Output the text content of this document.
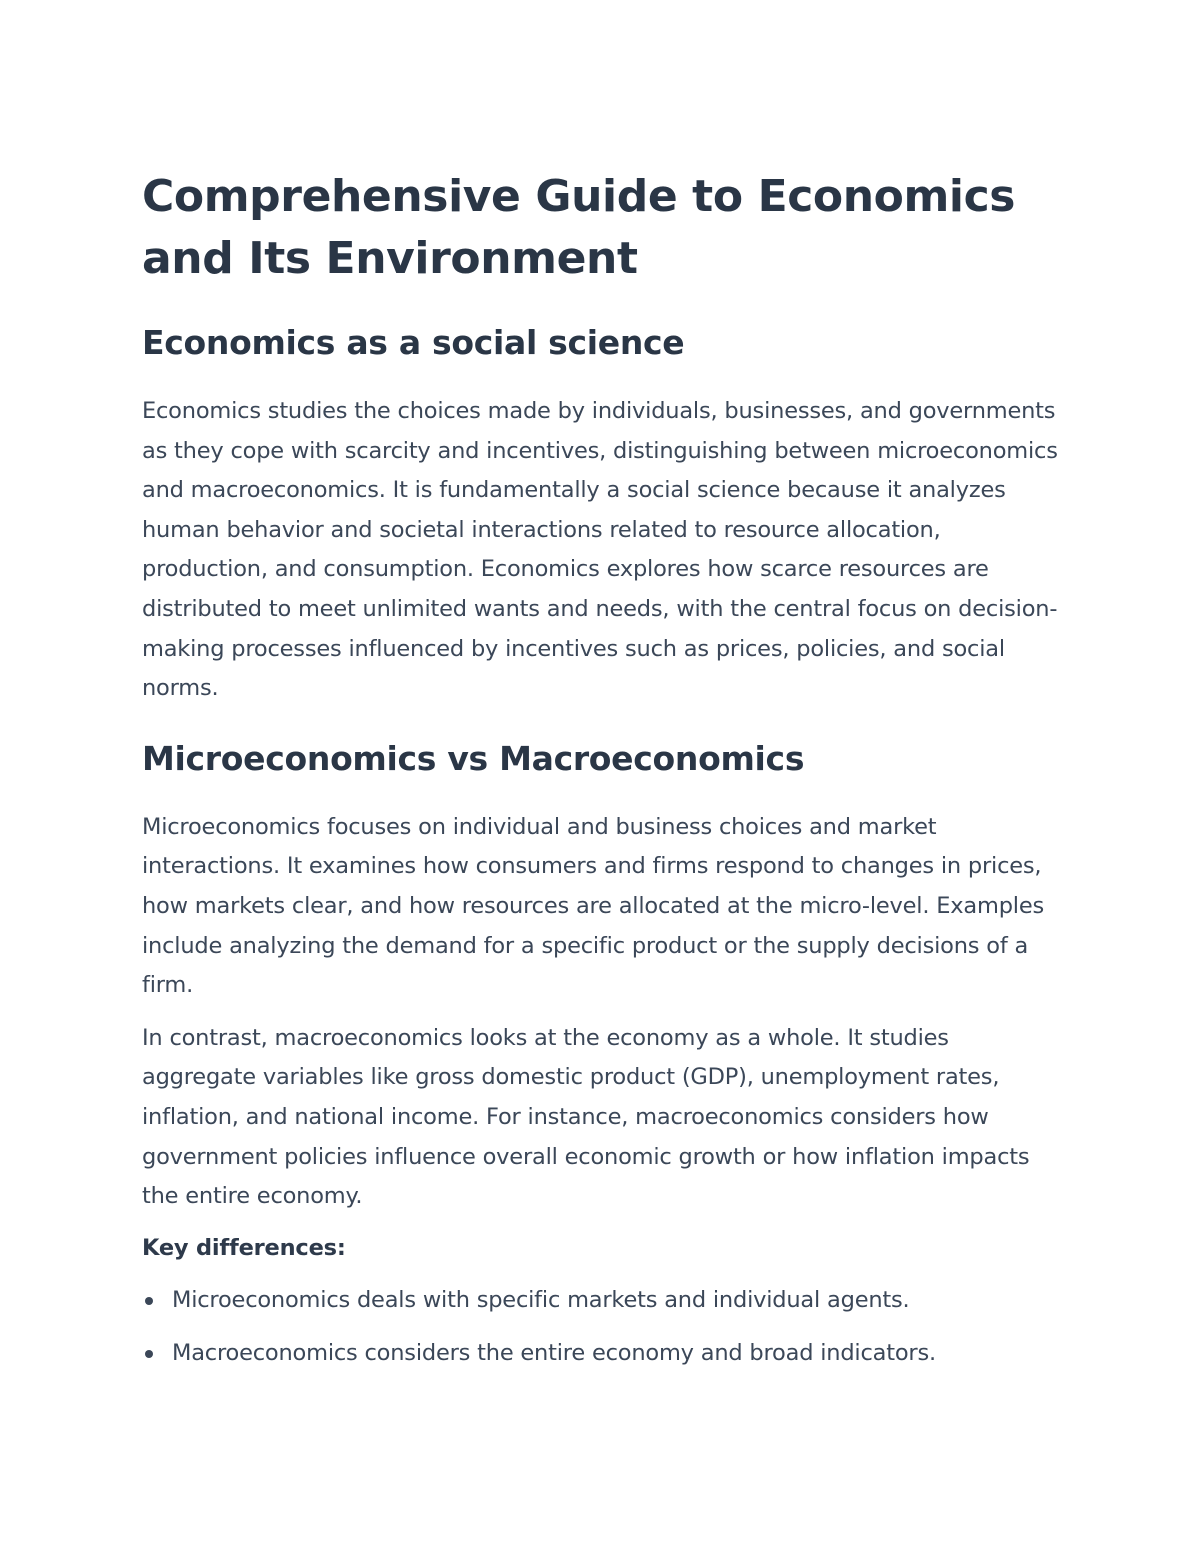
Comprehensive Guide to Economics and Its Environment
Economics as a social science

Economics studies the choices made by individuals, businesses, and governments as they cope with scarcity and incentives, distinguishing between microeconomics and macroeconomics. It is fundamentally a social science because it analyzes human behavior and societal interactions related to resource allocation, production, and consumption. Economics explores how scarce resources are distributed to meet unlimited wants and needs, with the central focus on decision-making processes influenced by incentives such as prices, policies, and social norms.

Microeconomics vs Macroeconomics

Microeconomics focuses on individual and business choices and market interactions. It examines how consumers and firms respond to changes in prices, how markets clear, and how resources are allocated at the micro-level. Examples include analyzing the demand for a specific product or the supply decisions of a firm.

In contrast, macroeconomics looks at the economy as a whole. It studies aggregate variables like gross domestic product (GDP), unemployment rates, inflation, and national income. For instance, macroeconomics considers how government policies influence overall economic growth or how inflation impacts the entire economy.

Key differences:

Microeconomics deals with specific markets and individual agents.
Macroeconomics considers the entire economy and broad indicators.
